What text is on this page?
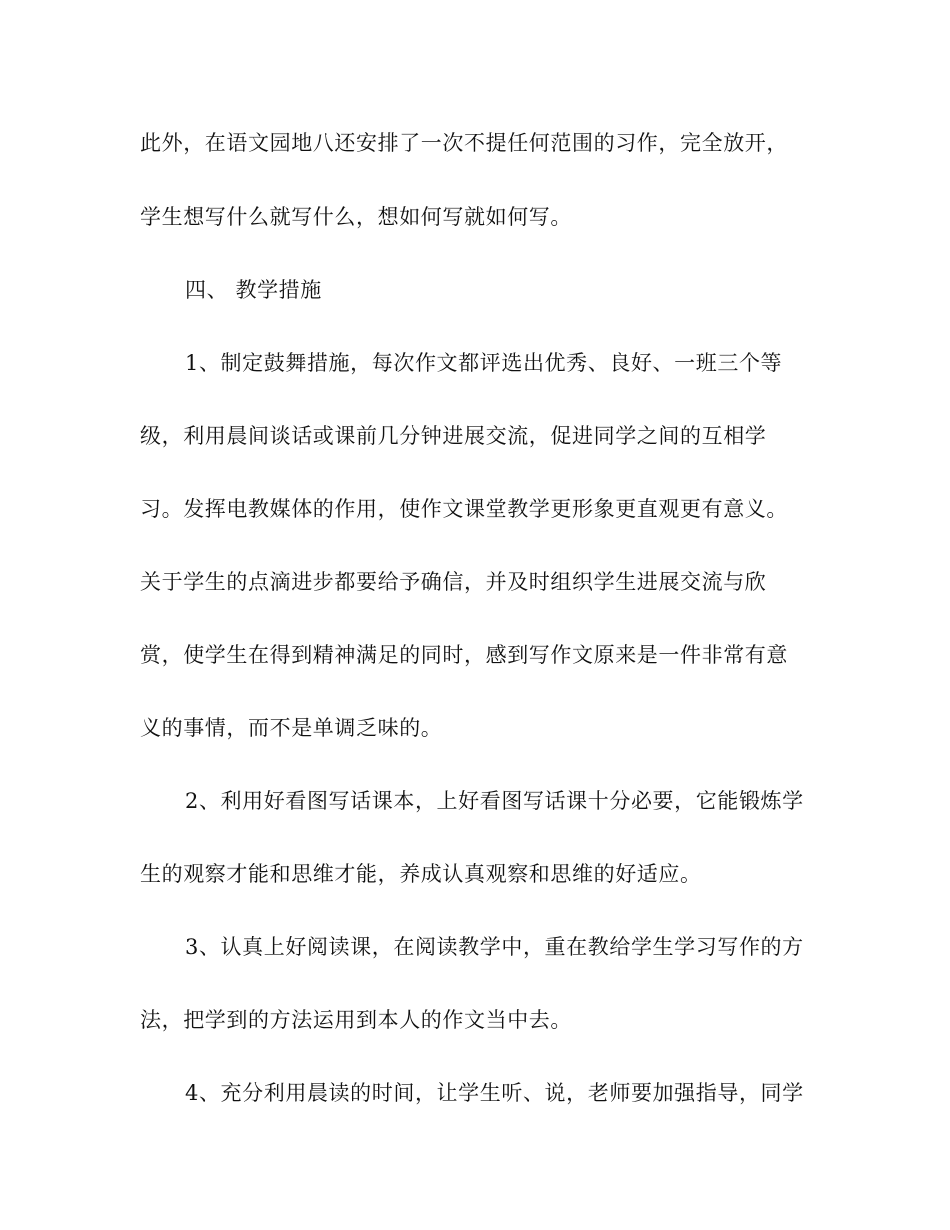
此外，在语文园地八还安排了一次不提任何范围的习作，完全放开，
学生想写什么就写什么，想如何写就如何写。
四、 教学措施
1、制定鼓舞措施，每次作文都评选出优秀、良好、一班三个等
级，利用晨间谈话或课前几分钟进展交流，促进同学之间的互相学
习。发挥电教媒体的作用，使作文课堂教学更形象更直观更有意义。
关于学生的点滴进步都要给予确信，并及时组织学生进展交流与欣
赏，使学生在得到精神满足的同时，感到写作文原来是一件非常有意
义的事情，而不是单调乏味的。
2、利用好看图写话课本，上好看图写话课十分必要，它能锻炼学
生的观察才能和思维才能，养成认真观察和思维的好适应。
3、认真上好阅读课，在阅读教学中，重在教给学生学习写作的方
法，把学到的方法运用到本人的作文当中去。
4、充分利用晨读的时间，让学生听、说，老师要加强指导，同学
